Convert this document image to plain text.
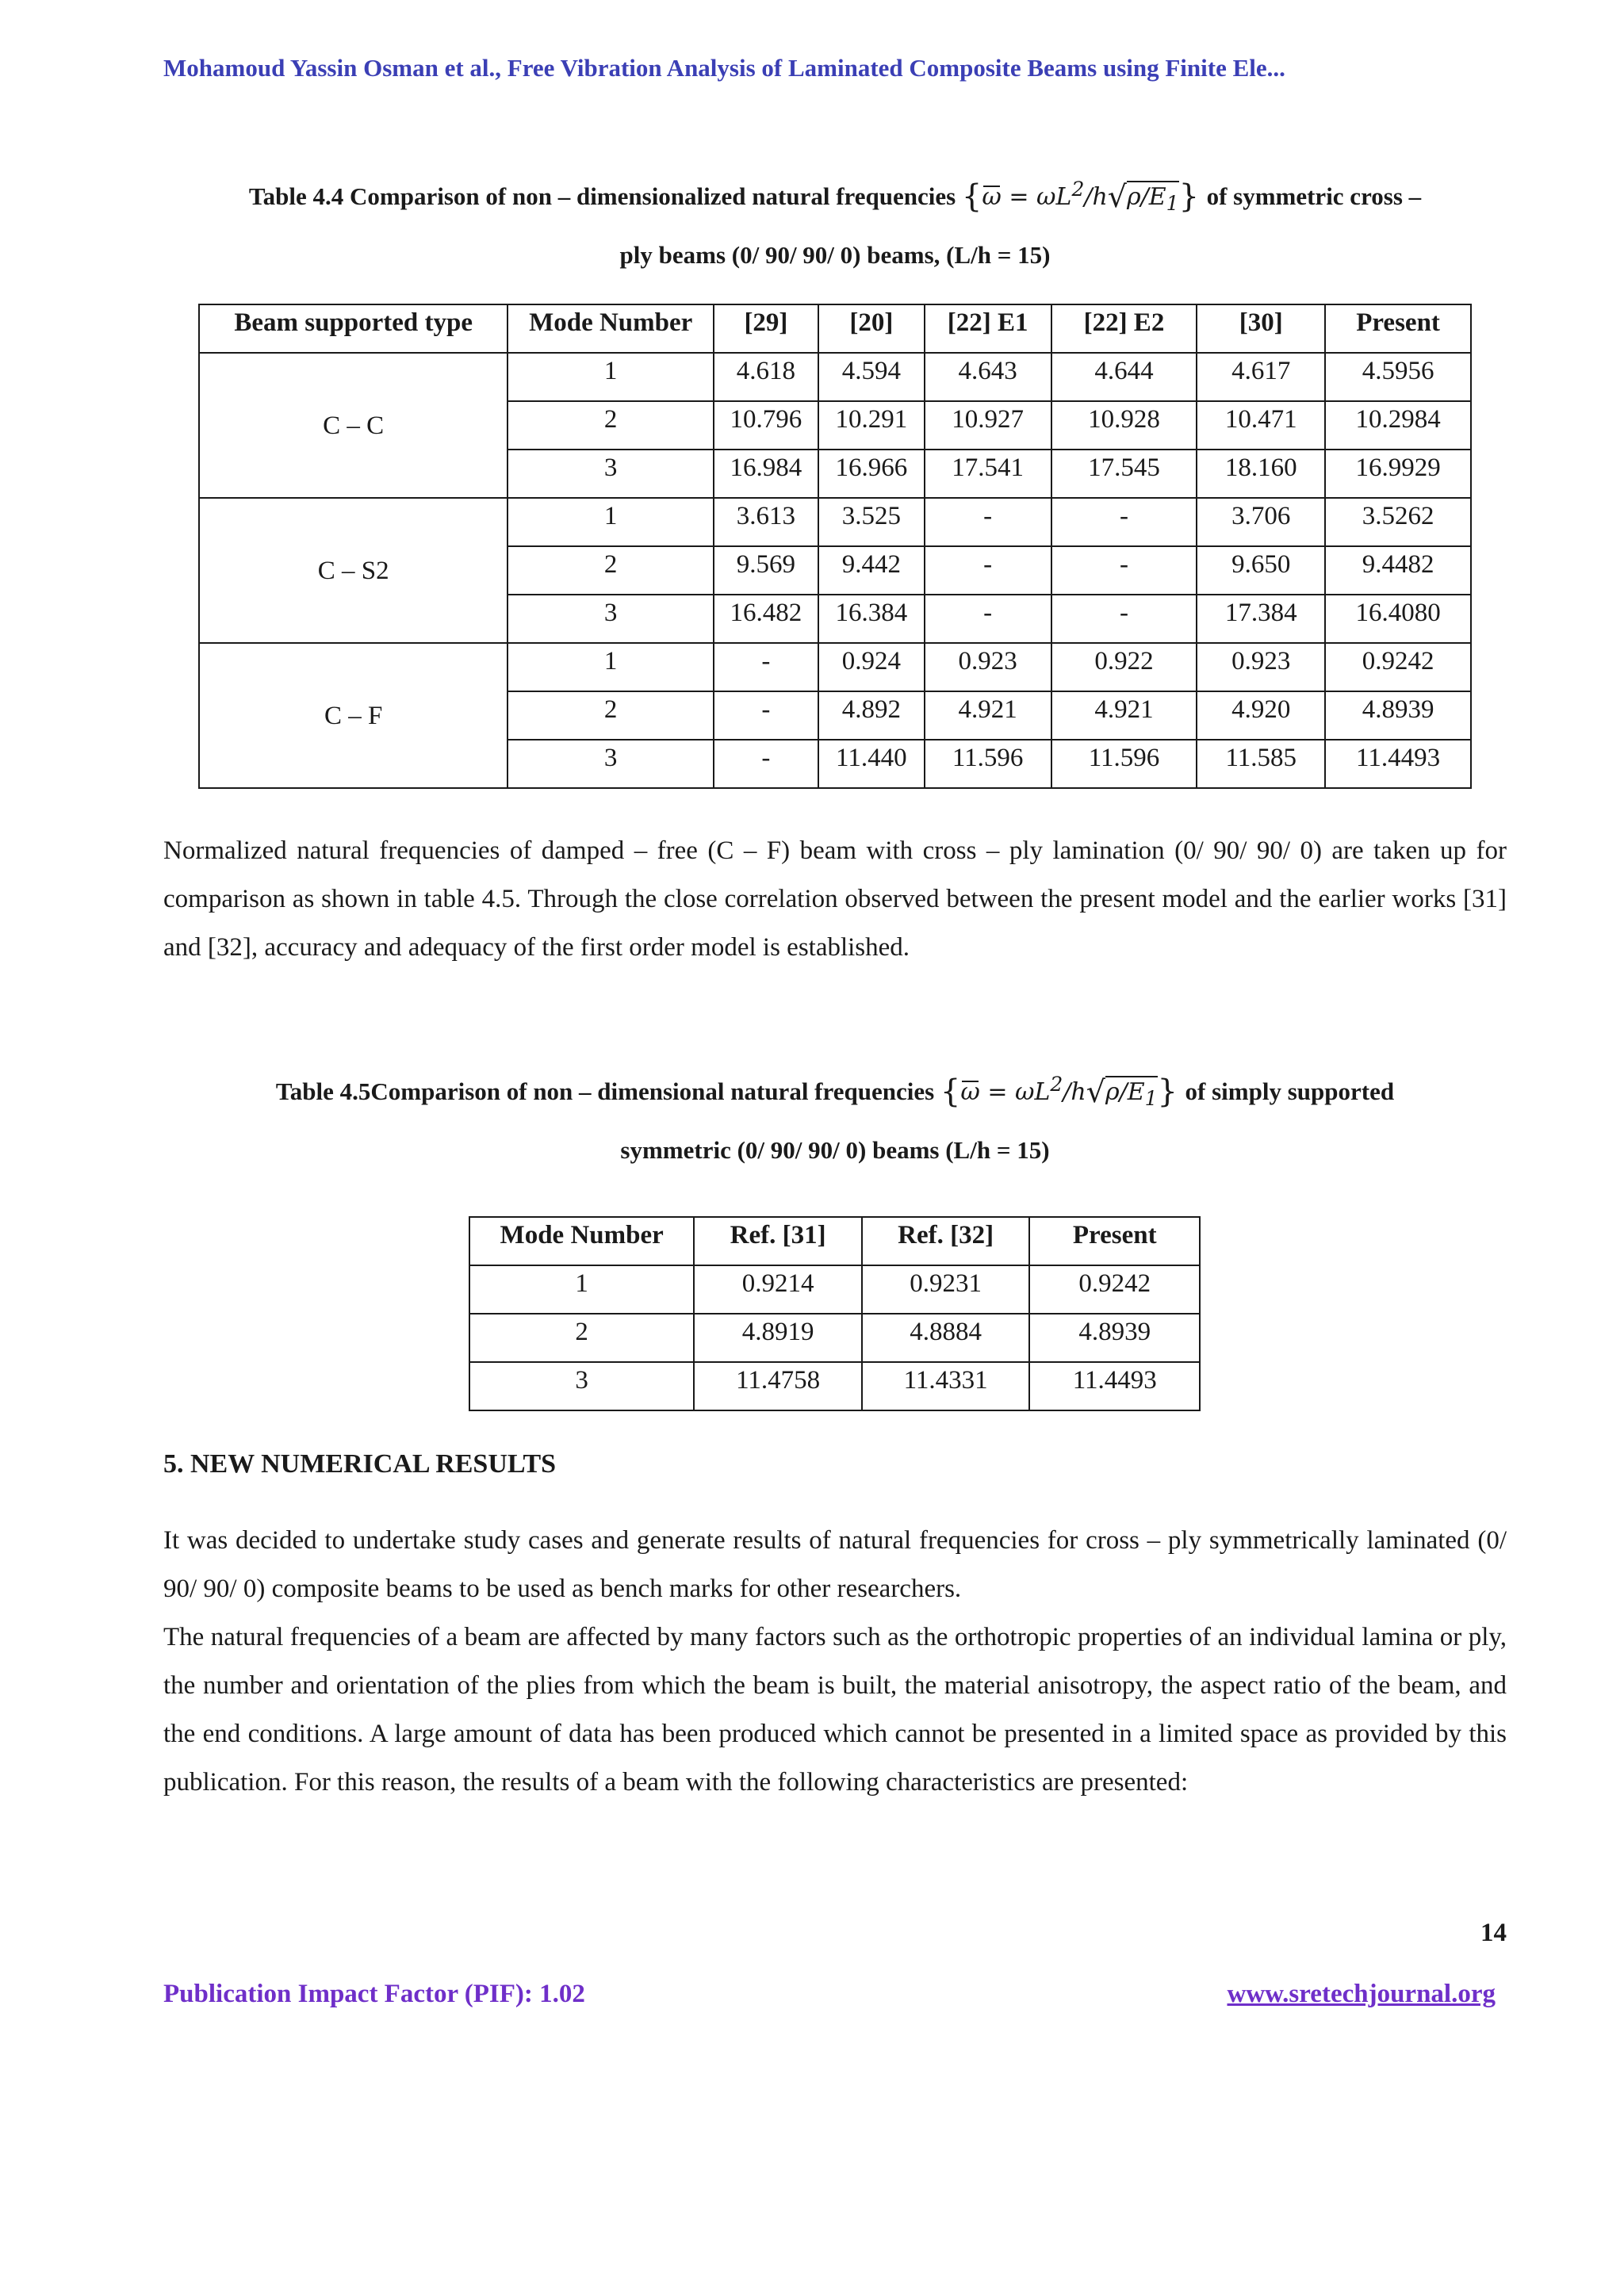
Mohamoud Yassin Osman et al., Free Vibration Analysis of Laminated Composite Beams using Finite Ele...
Table 4.4 Comparison of non – dimensionalized natural frequencies $\{\omega = \omega L^2/h√\rho/E_1\}$ of symmetric cross –
ply beams (0/ 90/ 90/ 0) beams, (L/h = 15)
Beam supported type	Mode Number	[29]	[20]	[22] E1	[22] E2	[30]	Present
C – C	1	4.618	4.594	4.643	4.644	4.617	4.5956
	2	10.796	10.291	10.927	10.928	10.471	10.2984
	3	16.984	16.966	17.541	17.545	18.160	16.9929
C – S2	1	3.613	3.525	-	-	3.706	3.5262
	2	9.569	9.442	-	-	9.650	9.4482
	3	16.482	16.384	-	-	17.384	16.4080
C – F	1	-	0.924	0.923	0.922	0.923	0.9242
	2	-	4.892	4.921	4.921	4.920	4.8939
	3	-	11.440	11.596	11.596	11.585	11.4493
Normalized natural frequencies of damped – free (C – F) beam with cross – ply lamination (0/ 90/ 90/ 0) are taken up for comparison as shown in table 4.5. Through the close correlation observed between the present model and the earlier works [31] and [32], accuracy and adequacy of the first order model is established.
Table 4.5Comparison of non – dimensional natural frequencies $\{\omega = \omega L^2/h√\rho/E_1\}$ of simply supported
symmetric (0/ 90/ 90/ 0) beams (L/h = 15)
Mode Number	Ref. [31]	Ref. [32]	Present
1	0.9214	0.9231	0.9242
2	4.8919	4.8884	4.8939
3	11.4758	11.4331	11.4493
5. NEW NUMERICAL RESULTS
It was decided to undertake study cases and generate results of natural frequencies for cross – ply symmetrically laminated (0/ 90/ 90/ 0) composite beams to be used as bench marks for other researchers.
The natural frequencies of a beam are affected by many factors such as the orthotropic properties of an individual lamina or ply, the number and orientation of the plies from which the beam is built, the material anisotropy, the aspect ratio of the beam, and the end conditions. A large amount of data has been produced which cannot be presented in a limited space as provided by this publication. For this reason, the results of a beam with the following characteristics are presented:
14
Publication Impact Factor (PIF): 1.02	www.sretechjournal.org
